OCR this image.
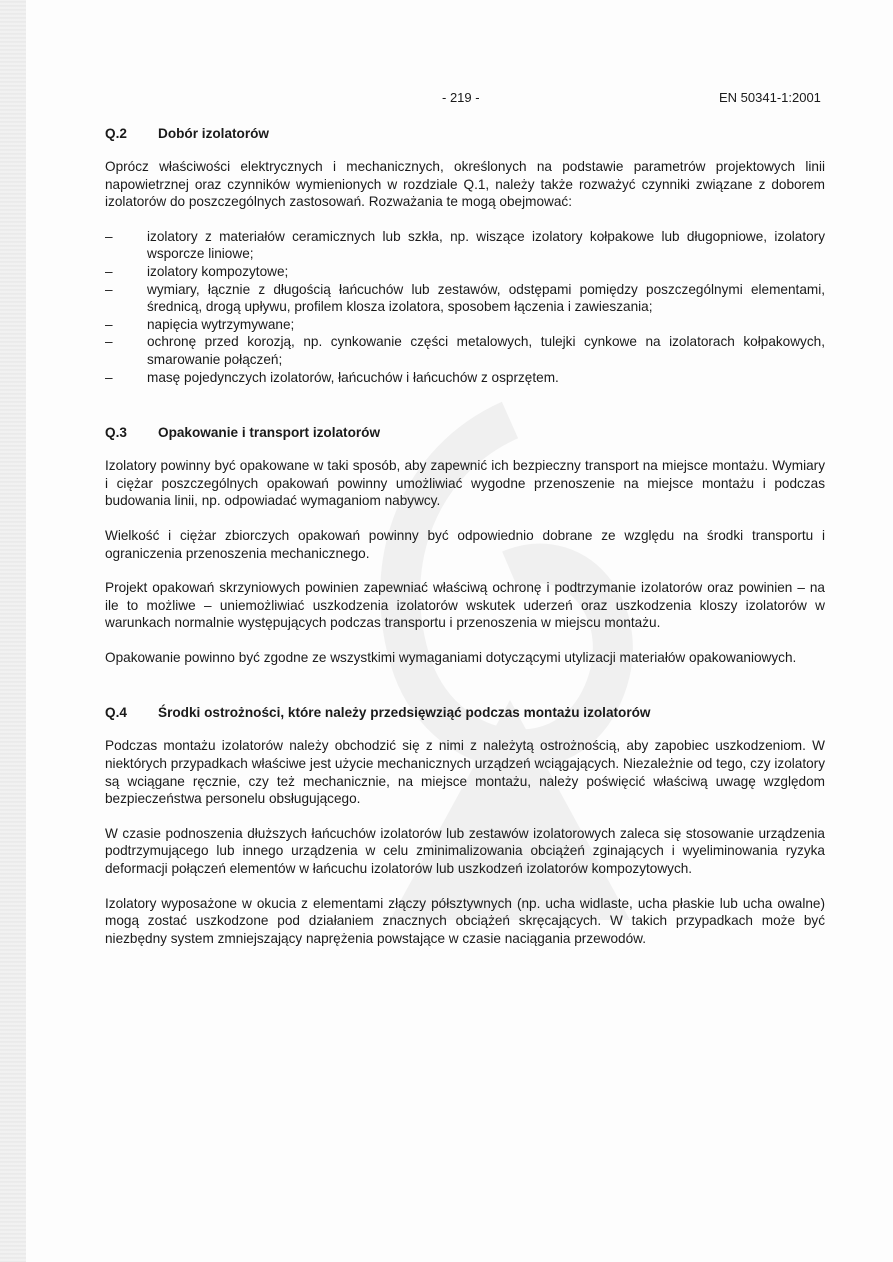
- 219 -	EN 50341-1:2001
Q.2	Dobór izolatorów

Oprócz właściwości elektrycznych i mechanicznych, określonych na podstawie parametrów projektowych linii napowietrznej oraz czynników wymienionych w rozdziale Q.1, należy także rozważyć czynniki związane z doborem izolatorów do poszczególnych zastosowań. Rozważania te mogą obejmować:

–	izolatory z materiałów ceramicznych lub szkła, np. wiszące izolatory kołpakowe lub długopniowe, izolatory wsporcze liniowe;
–	izolatory kompozytowe;
–	wymiary, łącznie z długością łańcuchów lub zestawów, odstępami pomiędzy poszczególnymi elementami, średnicą, drogą upływu, profilem klosza izolatora, sposobem łączenia i zawieszania;
–	napięcia wytrzymywane;
–	ochronę przed korozją, np. cynkowanie części metalowych, tulejki cynkowe na izolatorach kołpakowych, smarowanie połączeń;
–	masę pojedynczych izolatorów, łańcuchów i łańcuchów z osprzętem.
Q.3	Opakowanie i transport izolatorów

Izolatory powinny być opakowane w taki sposób, aby zapewnić ich bezpieczny transport na miejsce montażu. Wymiary i ciężar poszczególnych opakowań powinny umożliwiać wygodne przenoszenie na miejsce montażu i podczas budowania linii, np. odpowiadać wymaganiom nabywcy.

Wielkość i ciężar zbiorczych opakowań powinny być odpowiednio dobrane ze względu na środki transportu i ograniczenia przenoszenia mechanicznego.

Projekt opakowań skrzyniowych powinien zapewniać właściwą ochronę i podtrzymanie izolatorów oraz powinien – na ile to możliwe – uniemożliwiać uszkodzenia izolatorów wskutek uderzeń oraz uszkodzenia kloszy izolatorów w warunkach normalnie występujących podczas transportu i przenoszenia w miejscu montażu.

Opakowanie powinno być zgodne ze wszystkimi wymaganiami dotyczącymi utylizacji materiałów opakowaniowych.

Q.4	Środki ostrożności, które należy przedsięwziąć podczas montażu izolatorów

Podczas montażu izolatorów należy obchodzić się z nimi z należytą ostrożnością, aby zapobiec uszkodzeniom. W niektórych przypadkach właściwe jest użycie mechanicznych urządzeń wciągających. Niezależnie od tego, czy izolatory są wciągane ręcznie, czy też mechanicznie, na miejsce montażu, należy poświęcić właściwą uwagę względom bezpieczeństwa personelu obsługującego.

W czasie podnoszenia dłuższych łańcuchów izolatorów lub zestawów izolatorowych zaleca się stosowanie urządzenia podtrzymującego lub innego urządzenia w celu zminimalizowania obciążeń zginających i wyeliminowania ryzyka deformacji połączeń elementów w łańcuchu izolatorów lub uszkodzeń izolatorów kompozytowych.

Izolatory wyposażone w okucia z elementami złączy półsztywnych (np. ucha widlaste, ucha płaskie lub ucha owalne) mogą zostać uszkodzone pod działaniem znacznych obciążeń skręcających. W takich przypadkach może być niezbędny system zmniejszający naprężenia powstające w czasie naciągania przewodów.
